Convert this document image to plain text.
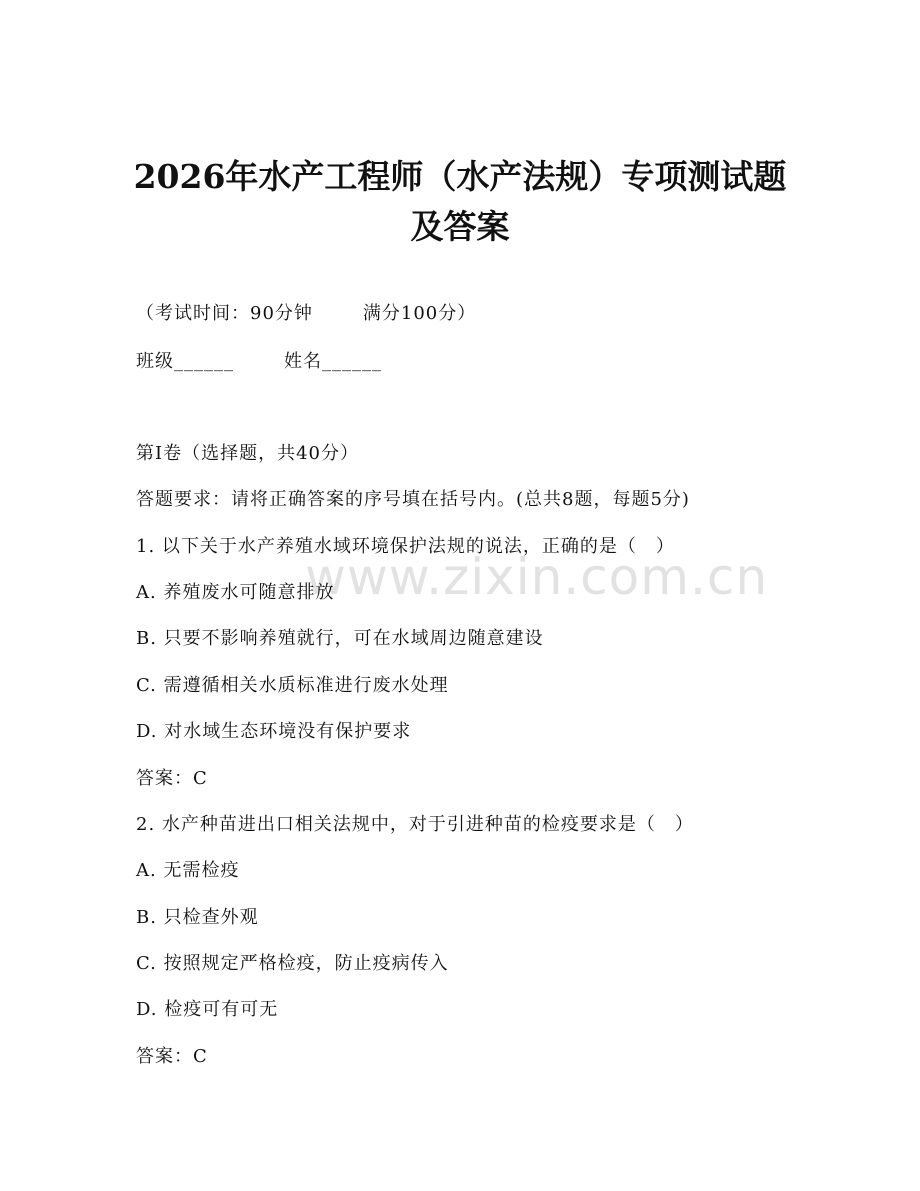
www.zixin.com.cn
2026年水产工程师（水产法规）专项测试题
及答案
（考试时间：90分钟	满分100分）
班级______	姓名______
第I卷（选择题，共40分）
答题要求：请将正确答案的序号填在括号内。(总共8题，每题5分)
1. 以下关于水产养殖水域环境保护法规的说法，正确的是（　）
A. 养殖废水可随意排放
B. 只要不影响养殖就行，可在水域周边随意建设
C. 需遵循相关水质标准进行废水处理
D. 对水域生态环境没有保护要求
答案：C
2. 水产种苗进出口相关法规中，对于引进种苗的检疫要求是（　）
A. 无需检疫
B. 只检查外观
C. 按照规定严格检疫，防止疫病传入
D. 检疫可有可无
答案：C
